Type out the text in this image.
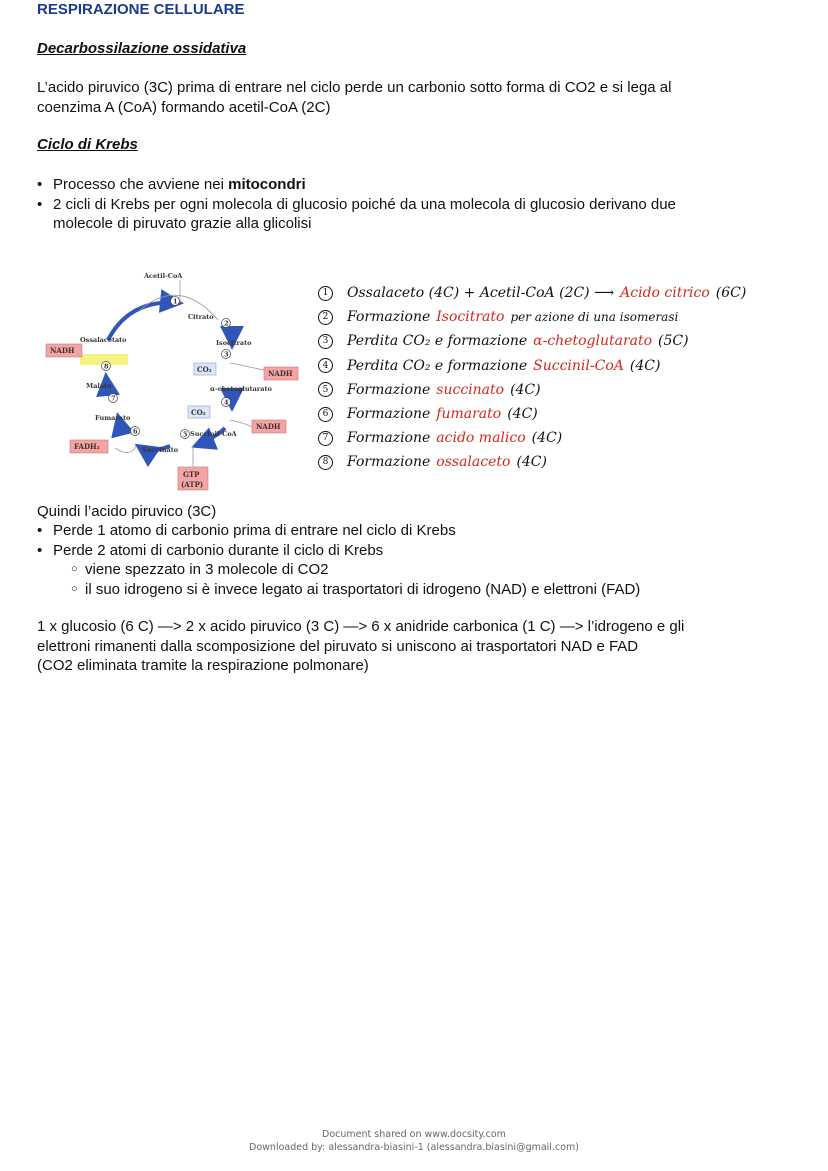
RESPIRAZIONE CELLULARE
Decarbossilazione ossidativa
L’acido piruvico (3C) prima di entrare nel ciclo perde un carbonio sotto forma di CO2 e si lega al
coenzima A (CoA) formando acetil-CoA (2C)
Ciclo di Krebs
• Processo che avviene nei mitocondri
• 2 cicli di Krebs per ogni molecola di glucosio poiché da una molecola di glucosio derivano due
molecole di piruvato grazie alla glicolisi
Acetil-CoA
Citrato
Isocitrato
Ossalacetato
α-chetoglutarato
Malato
Fumarato
Succinato
Succinil-CoA
1
2
3
4
5
6
7
8
NADH
NADH
NADH
FADH₂
CO₂
CO₂
GTP
(ATP)
1	Ossalaceto (4C) + Acetil-CoA (2C) ⟶ Acido citrico (6C)
2	Formazione Isocitrato per azione di una isomerasi
3	Perdita CO₂ e formazione α-chetoglutarato (5C)
4	Perdita CO₂ e formazione Succinil-CoA (4C)
5	Formazione succinato (4C)
6	Formazione fumarato (4C)
7	Formazione acido malico (4C)
8	Formazione ossalaceto (4C)
Quindi l’acido piruvico (3C)
• Perde 1 atomo di carbonio prima di entrare nel ciclo di Krebs
• Perde 2 atomi di carbonio durante il ciclo di Krebs
○ viene spezzato in 3 molecole di CO2
○ il suo idrogeno si è invece legato ai trasportatori di idrogeno (NAD) e elettroni (FAD)
1 x glucosio (6 C) —> 2 x acido piruvico (3 C) —> 6 x anidride carbonica (1 C) —> l’idrogeno e gli
elettroni rimanenti dalla scomposizione del piruvato si uniscono ai trasportatori NAD e FAD
(CO2 eliminata tramite la respirazione polmonare)
Document shared on www.docsity.com
Downloaded by: alessandra-biasini-1 (alessandra.biasini@gmail.com)
